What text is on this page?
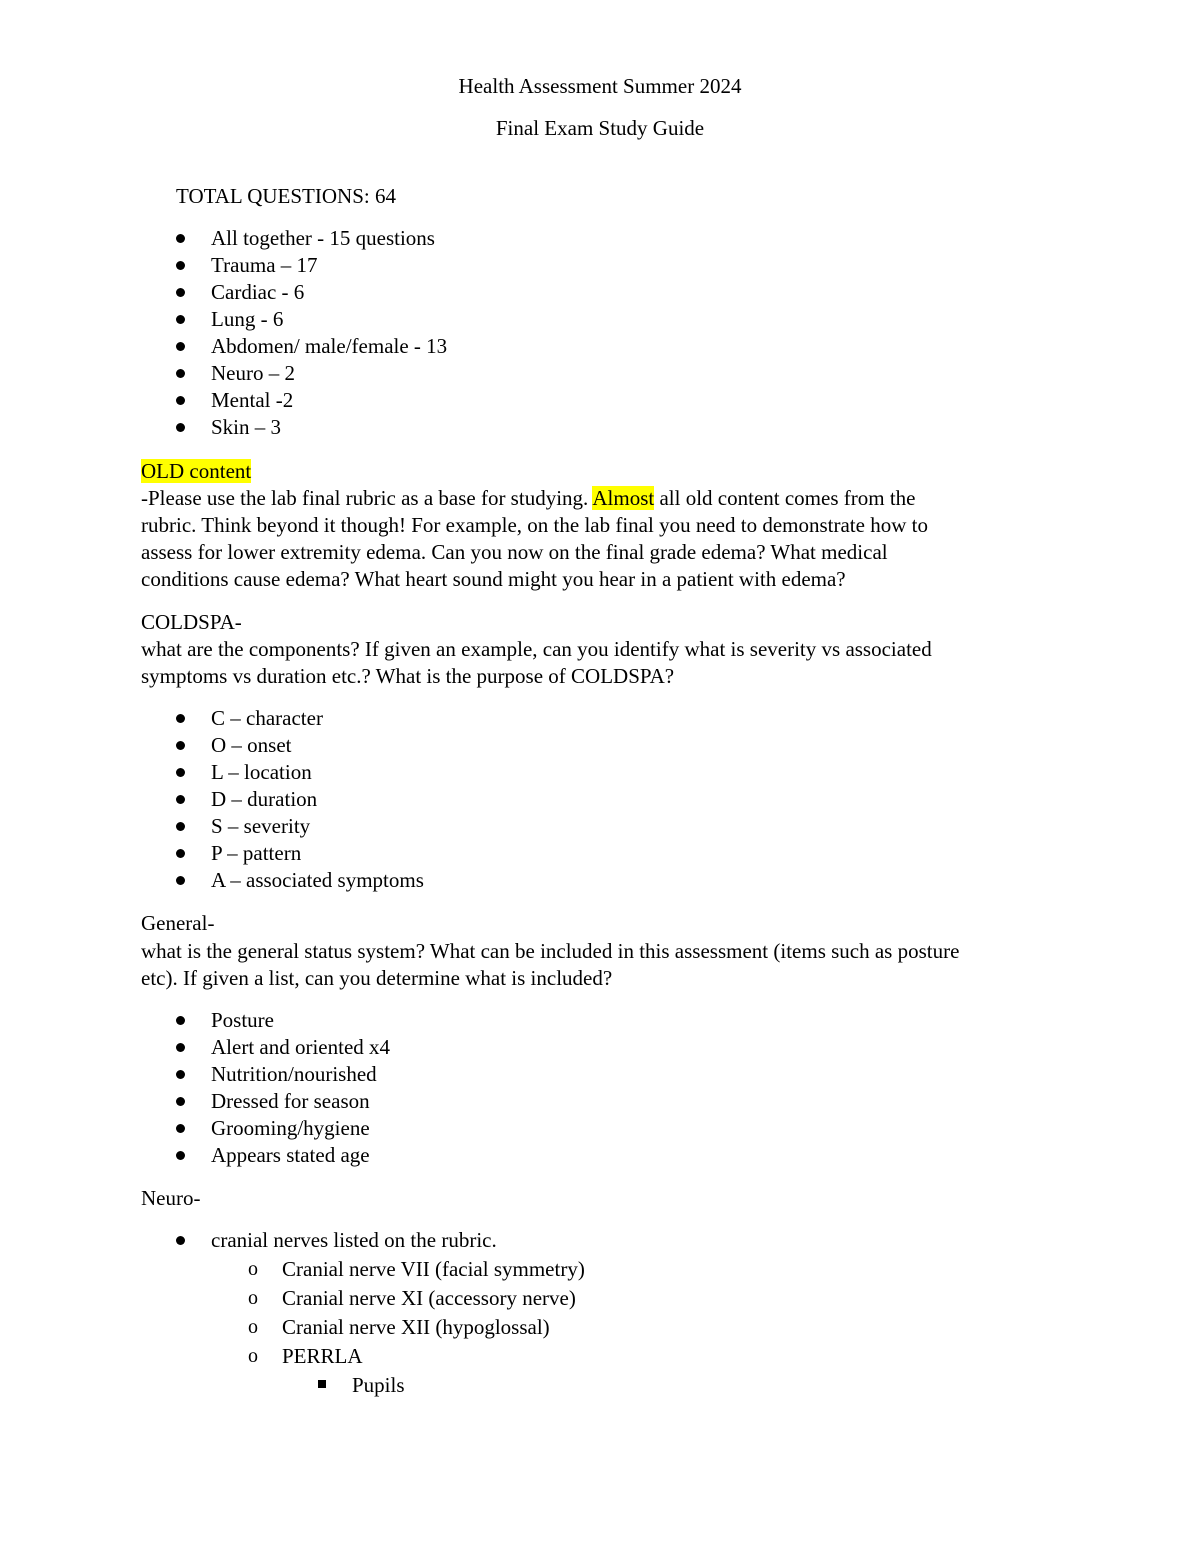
Health Assessment Summer 2024
Final Exam Study Guide
TOTAL QUESTIONS: 64
All together - 15 questions
Trauma – 17
Cardiac - 6
Lung - 6
Abdomen/ male/female - 13
Neuro – 2
Mental -2
Skin – 3
OLD content
-Please use the lab final rubric as a base for studying. Almost all old content comes from the
rubric. Think beyond it though! For example, on the lab final you need to demonstrate how to
assess for lower extremity edema. Can you now on the final grade edema? What medical
conditions cause edema? What heart sound might you hear in a patient with edema?
COLDSPA-
what are the components? If given an example, can you identify what is severity vs associated
symptoms vs duration etc.? What is the purpose of COLDSPA?
C – character
O – onset
L – location
D – duration
S – severity
P – pattern
A – associated symptoms
General-
what is the general status system? What can be included in this assessment (items such as posture
etc). If given a list, can you determine what is included?
Posture
Alert and oriented x4
Nutrition/nourished
Dressed for season
Grooming/hygiene
Appears stated age
Neuro-
cranial nerves listed on the rubric.
o Cranial nerve VII (facial symmetry)
o Cranial nerve XI (accessory nerve)
o Cranial nerve XII (hypoglossal)
o PERRLA
Pupils
